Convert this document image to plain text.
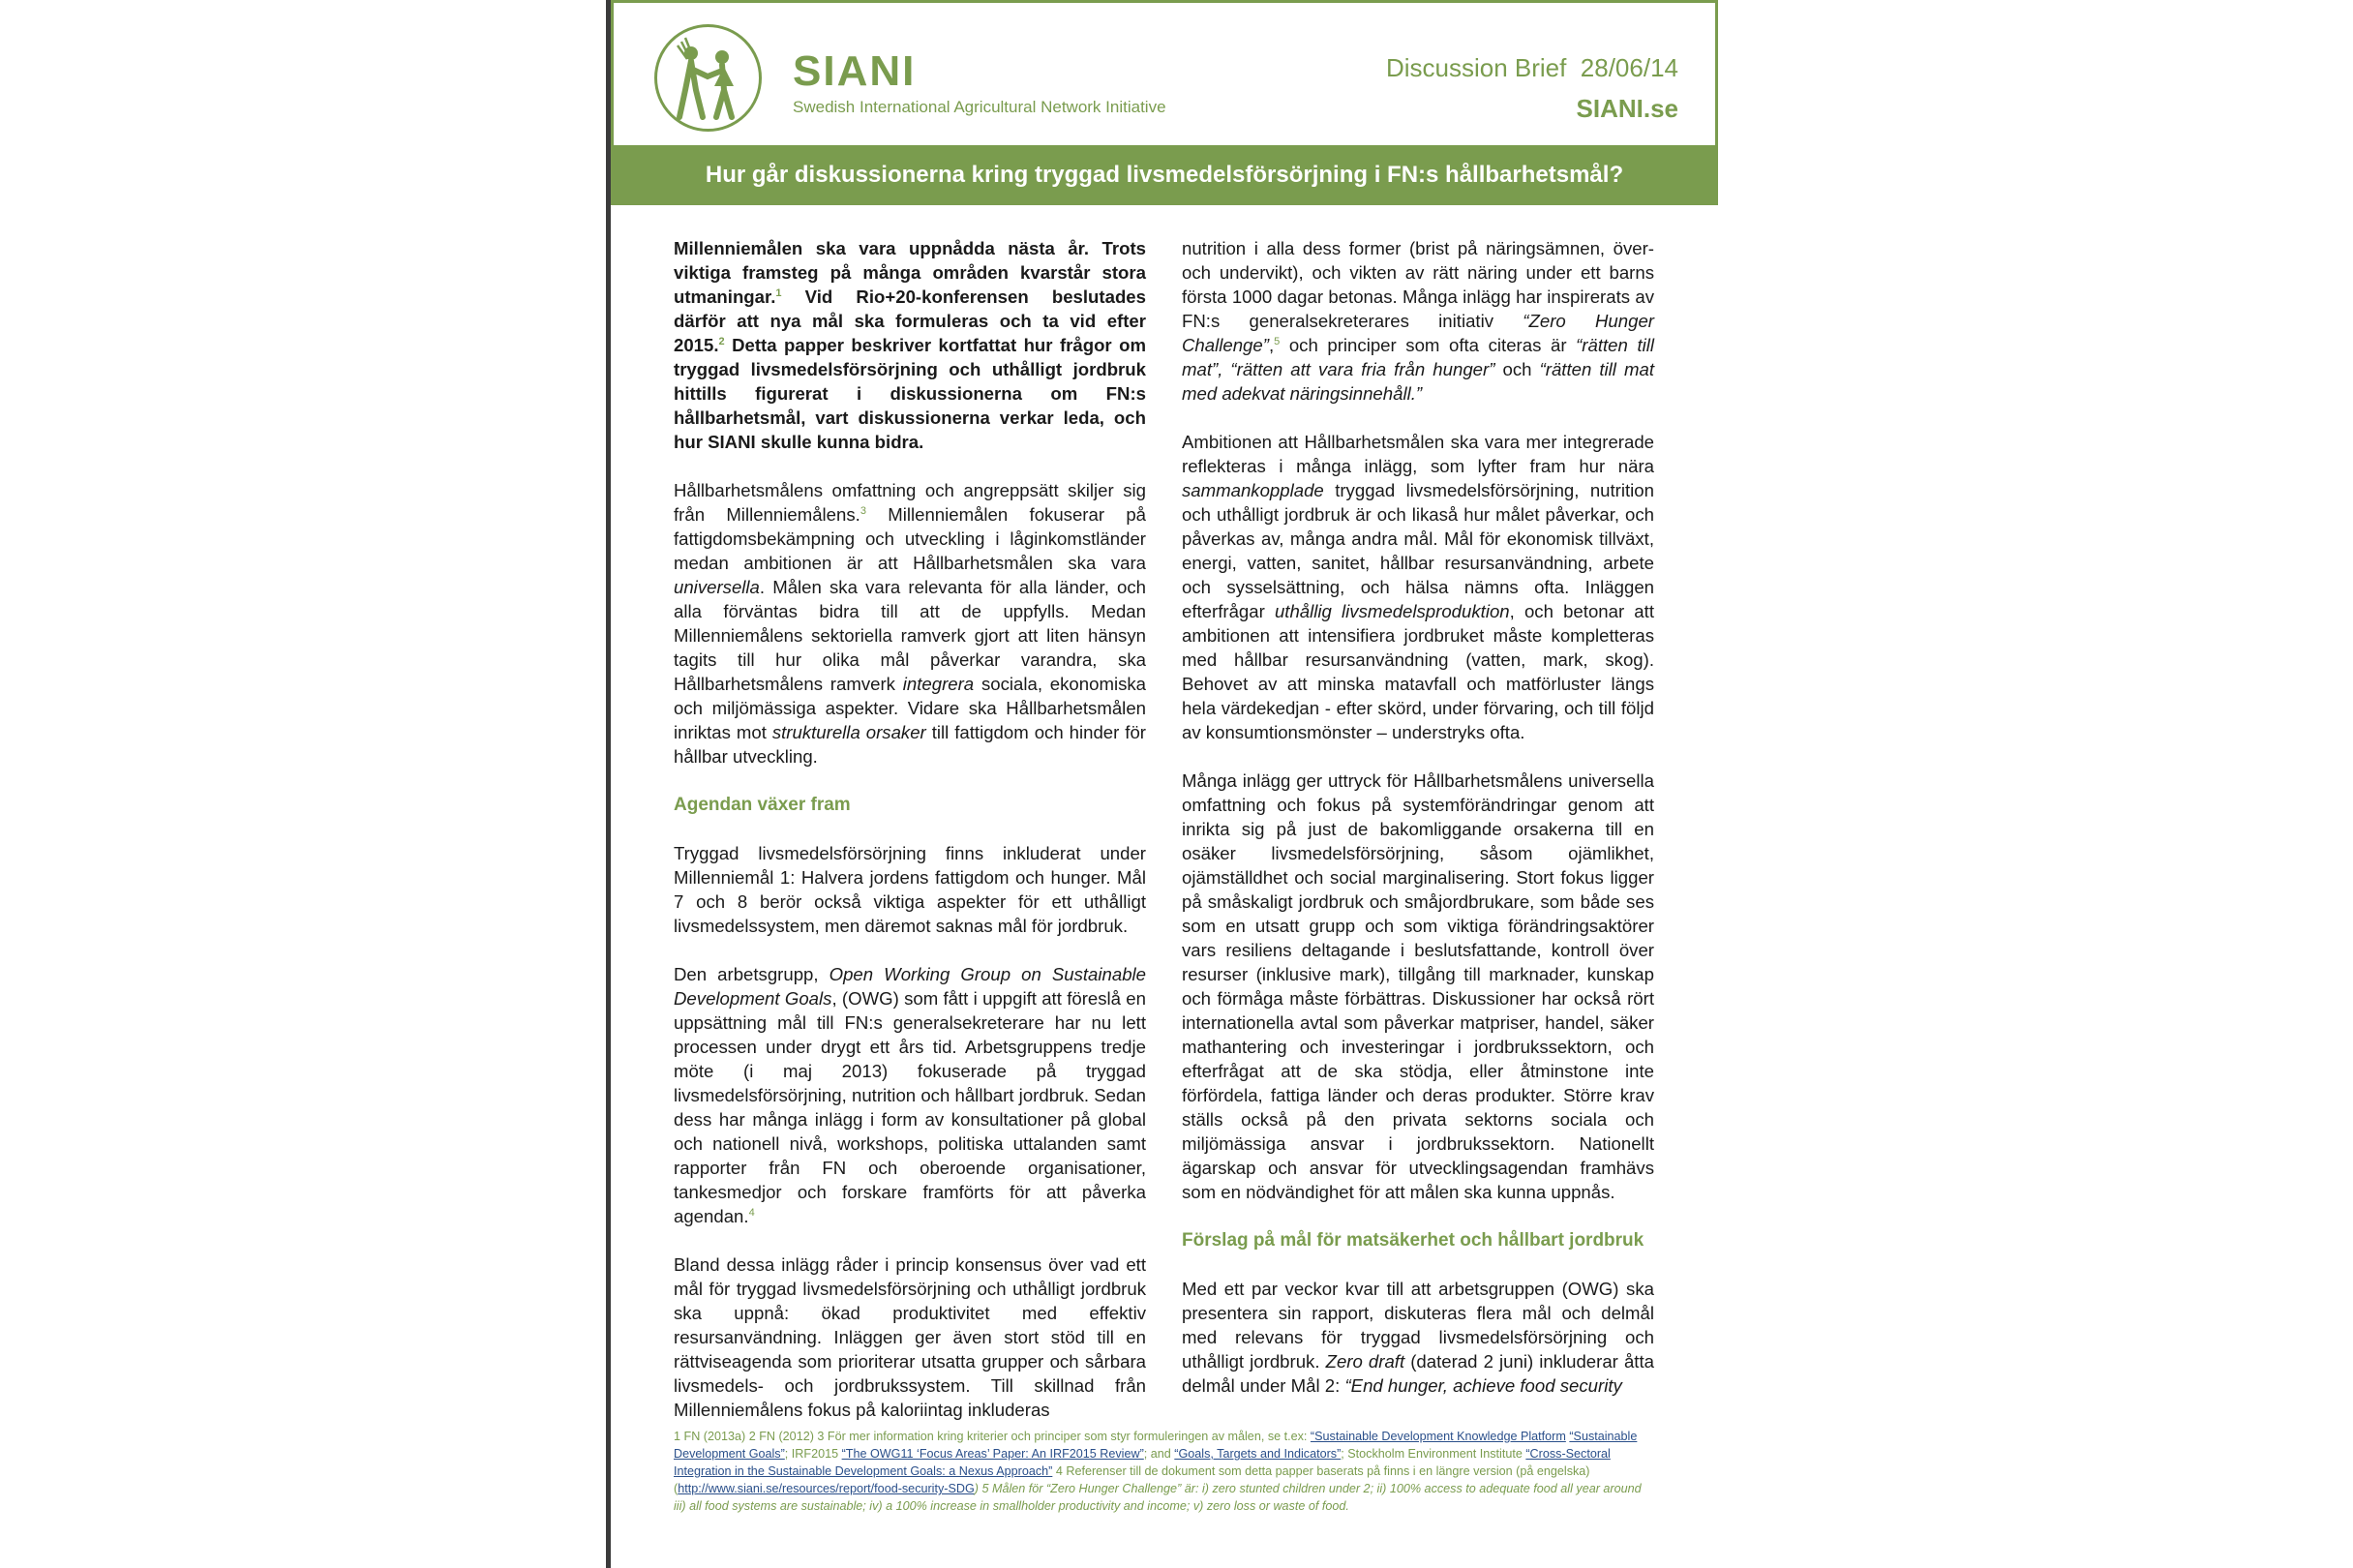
SIANI
Swedish International Agricultural Network Initiative
Discussion Brief  28/06/14
SIANI.se
Hur går diskussionerna kring tryggad livsmedelsförsörjning i FN:s hållbarhetsmål?

Millenniemålen ska vara uppnådda nästa år. Trots viktiga framsteg på många områden kvarstår stora utmaningar.$^1$ Vid Rio+20-konferensen beslutades därför att nya mål ska formuleras och ta vid efter 2015.$^2$ Detta papper beskriver kortfattat hur frågor om tryggad livsmedelsförsörjning och uthålligt jordbruk hittills figurerat i diskussionerna om FN:s hållbarhetsmål, vart diskussionerna verkar leda, och hur SIANI skulle kunna bidra.

Hållbarhetsmålens omfattning och angreppsätt skiljer sig från Millenniemålens.$^3$ Millenniemålen fokuserar på fattigdomsbekämpning och utveckling i låginkomstländer medan ambitionen är att Hållbarhetsmålen ska vara universella. Målen ska vara relevanta för alla länder, och alla förväntas bidra till att de uppfylls. Medan Millenniemålens sektoriella ramverk gjort att liten hänsyn tagits till hur olika mål påverkar varandra, ska Hållbarhetsmålens ramverk integrera sociala, ekonomiska och miljömässiga aspekter. Vidare ska Hållbarhetsmålen inriktas mot strukturella orsaker till fattigdom och hinder för hållbar utveckling.

Agendan växer fram

Tryggad livsmedelsförsörjning finns inkluderat under Millenniemål 1: Halvera jordens fattigdom och hunger. Mål 7 och 8 berör också viktiga aspekter för ett uthålligt livsmedelssystem, men däremot saknas mål för jordbruk.

Den arbetsgrupp, Open Working Group on Sustainable Development Goals, (OWG) som fått i uppgift att föreslå en uppsättning mål till FN:s generalsekreterare har nu lett processen under drygt ett års tid. Arbetsgruppens tredje möte (i maj 2013) fokuserade på tryggad livsmedelsförsörjning, nutrition och hållbart jordbruk. Sedan dess har många inlägg i form av konsultationer på global och nationell nivå, workshops, politiska uttalanden samt rapporter från FN och oberoende organisationer, tankesmedjor och forskare framförts för att påverka agendan.$^4$

Bland dessa inlägg råder i princip konsensus över vad ett mål för tryggad livsmedelsförsörjning och uthålligt jordbruk ska uppnå: ökad produktivitet med effektiv resursanvändning. Inläggen ger även stort stöd till en rättviseagenda som prioriterar utsatta grupper och sårbara livsmedels- och jordbrukssystem. Till skillnad från Millenniemålens fokus på kaloriintag inkluderas

nutrition i alla dess former (brist på näringsämnen, över- och undervikt), och vikten av rätt näring under ett barns första 1000 dagar betonas. Många inlägg har inspirerats av FN:s generalsekreterares initiativ “Zero Hunger Challenge”,$^5$ och principer som ofta citeras är “rätten till mat”, “rätten att vara fria från hunger” och “rätten till mat med adekvat näringsinnehåll.”

Ambitionen att Hållbarhetsmålen ska vara mer integrerade reflekteras i många inlägg, som lyfter fram hur nära sammankopplade tryggad livsmedelsförsörjning, nutrition och uthålligt jordbruk är och likaså hur målet påverkar, och påverkas av, många andra mål. Mål för ekonomisk tillväxt, energi, vatten, sanitet, hållbar resursanvändning, arbete och sysselsättning, och hälsa nämns ofta. Inläggen efterfrågar uthållig livsmedelsproduktion, och betonar att ambitionen att intensifiera jordbruket måste kompletteras med hållbar resursanvändning (vatten, mark, skog). Behovet av att minska matavfall och matförluster längs hela värdekedjan - efter skörd, under förvaring, och till följd av konsumtionsmönster – understryks ofta.

Många inlägg ger uttryck för Hållbarhetsmålens universella omfattning och fokus på systemförändringar genom att inrikta sig på just de bakomliggande orsakerna till en osäker livsmedelsförsörjning, såsom ojämlikhet, ojämställdhet och social marginalisering. Stort fokus ligger på småskaligt jordbruk och småjordbrukare, som både ses som en utsatt grupp och som viktiga förändringsaktörer vars resiliens deltagande i beslutsfattande, kontroll över resurser (inklusive mark), tillgång till marknader, kunskap och förmåga måste förbättras. Diskussioner har också rört internationella avtal som påverkar matpriser, handel, säker mathantering och investeringar i jordbrukssektorn, och efterfrågat att de ska stödja, eller åtminstone inte förfördela, fattiga länder och deras produkter. Större krav ställs också på den privata sektorns sociala och miljömässiga ansvar i jordbrukssektorn. Nationellt ägarskap och ansvar för utvecklingsagendan framhävs som en nödvändighet för att målen ska kunna uppnås.

Förslag på mål för matsäkerhet och hållbart jordbruk

Med ett par veckor kvar till att arbetsgruppen (OWG) ska presentera sin rapport, diskuteras flera mål och delmål med relevans för tryggad livsmedelsförsörjning och uthålligt jordbruk. Zero draft (daterad 2 juni) inkluderar åtta delmål under Mål 2: “End hunger, achieve food security

1 FN (2013a) 2 FN (2012) 3 För mer information kring kriterier och principer som styr formuleringen av målen, se t.ex: “Sustainable Development Knowledge Platform “Sustainable Development Goals”; IRF2015 “The OWG11 ‘Focus Areas’ Paper: An IRF2015 Review”; and “Goals, Targets and Indicators”; Stockholm Environment Institute “Cross-Sectoral Integration in the Sustainable Development Goals: a Nexus Approach” 4 Referenser till de dokument som detta papper baserats på finns i en längre version (på engelska) (http://www.siani.se/resources/report/food-security-SDG) 5 Målen för “Zero Hunger Challenge” är: i) zero stunted children under 2; ii) 100% access to adequate food all year around iii) all food systems are sustainable; iv) a 100% increase in smallholder productivity and income; v) zero loss or waste of food.
